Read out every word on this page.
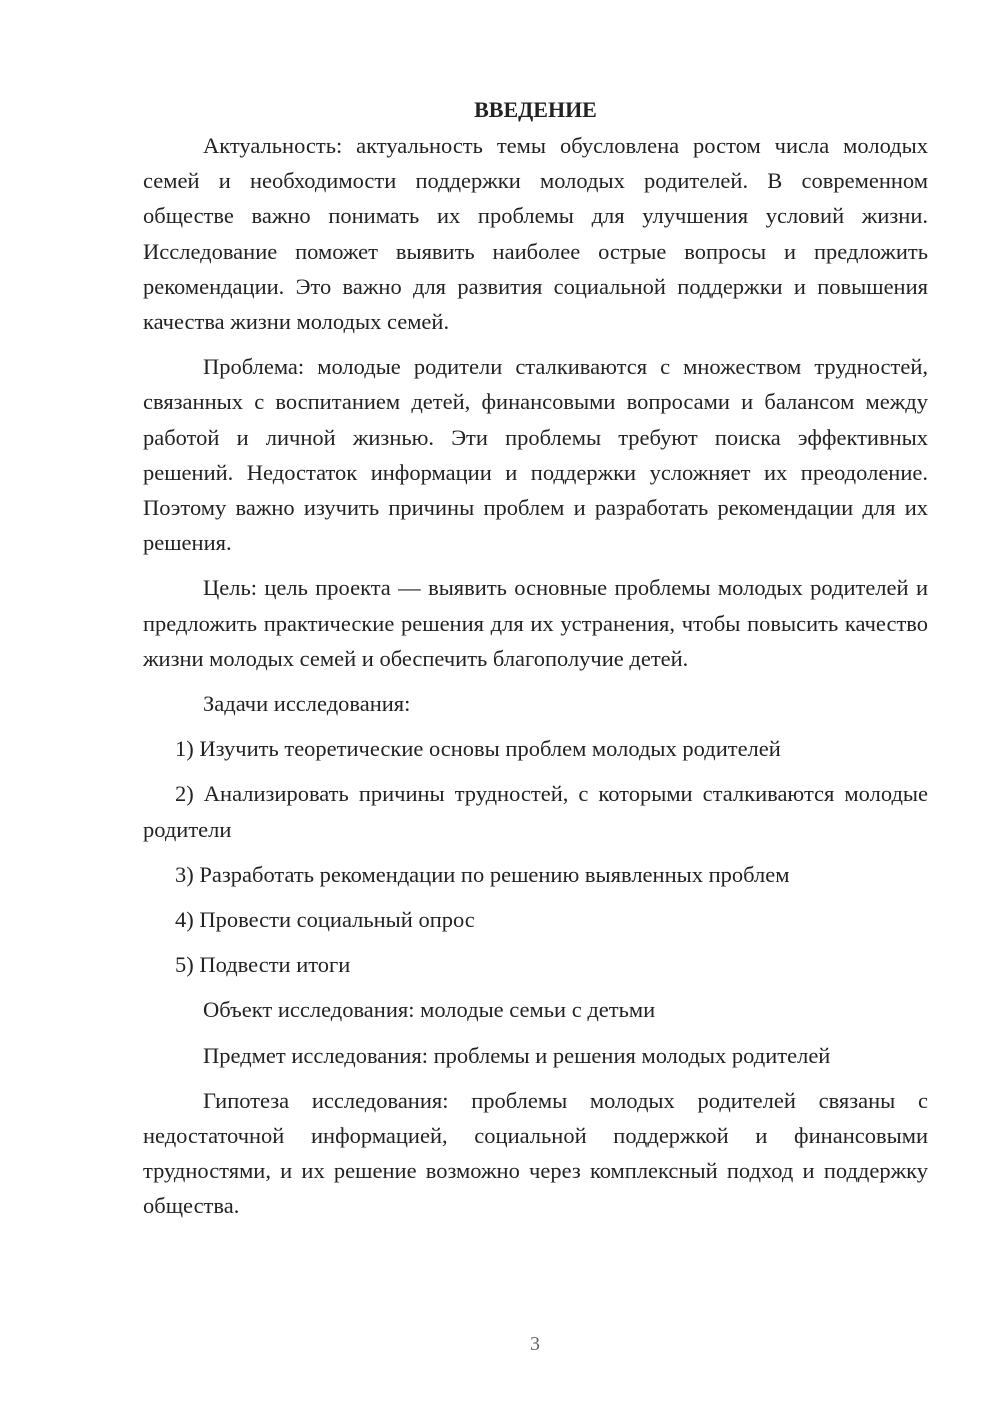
ВВЕДЕНИЕ

Актуальность: актуальность темы обусловлена ростом числа молодых семей и необходимости поддержки молодых родителей. В современном обществе важно понимать их проблемы для улучшения условий жизни. Исследование поможет выявить наиболее острые вопросы и предложить рекомендации. Это важно для развития социальной поддержки и повышения качества жизни молодых семей.

Проблема: молодые родители сталкиваются с множеством трудностей, связанных с воспитанием детей, финансовыми вопросами и балансом между работой и личной жизнью. Эти проблемы требуют поиска эффективных решений. Недостаток информации и поддержки усложняет их преодоление. Поэтому важно изучить причины проблем и разработать рекомендации для их решения.

Цель: цель проекта — выявить основные проблемы молодых родителей и предложить практические решения для их устранения, чтобы повысить качество жизни молодых семей и обеспечить благополучие детей.

Задачи исследования:

1) Изучить теоретические основы проблем молодых родителей

2) Анализировать причины трудностей, с которыми сталкиваются молодые родители

3) Разработать рекомендации по решению выявленных проблем

4) Провести социальный опрос

5) Подвести итоги

Объект исследования: молодые семьи с детьми

Предмет исследования: проблемы и решения молодых родителей

Гипотеза исследования: проблемы молодых родителей связаны с недостаточной информацией, социальной поддержкой и финансовыми трудностями, и их решение возможно через комплексный подход и поддержку общества.

3
